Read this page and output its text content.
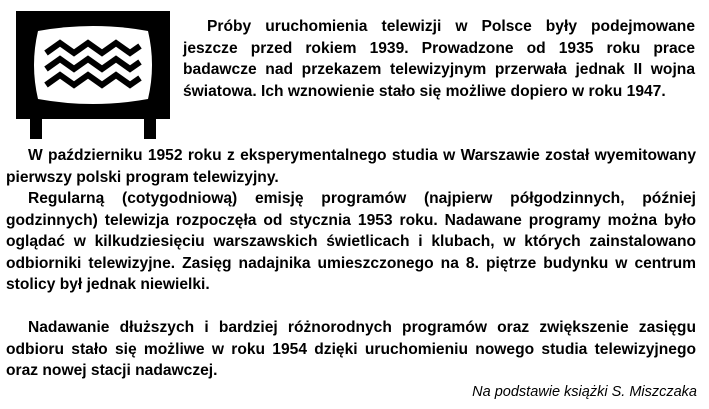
Próby uruchomienia telewizji w Polsce były podejmowane jeszcze przed rokiem 1939. Prowadzone od 1935 roku prace badawcze nad przekazem telewizyjnym przerwała jednak II wojna światowa. Ich wznowienie stało się możliwe dopiero w roku 1947.

W październiku 1952 roku z eksperymentalnego studia w Warszawie został wyemitowany pierwszy polski program telewizyjny.

Regularną (cotygodniową) emisję programów (najpierw półgodzinnych, później godzinnych) telewizja rozpoczęła od stycznia 1953 roku. Nadawane programy można było oglądać w kilkudziesięciu warszawskich świetlicach i klubach, w których zainstalowano odbiorniki telewizyjne. Zasięg nadajnika umieszczonego na 8. piętrze budynku w centrum stolicy był jednak niewielki.

Nadawanie dłuższych i bardziej różnorodnych programów oraz zwiększenie zasięgu odbioru stało się możliwe w roku 1954 dzięki uruchomieniu nowego studia telewizyjnego oraz nowej stacji nadawczej.

Na podstawie książki S. Miszczaka
